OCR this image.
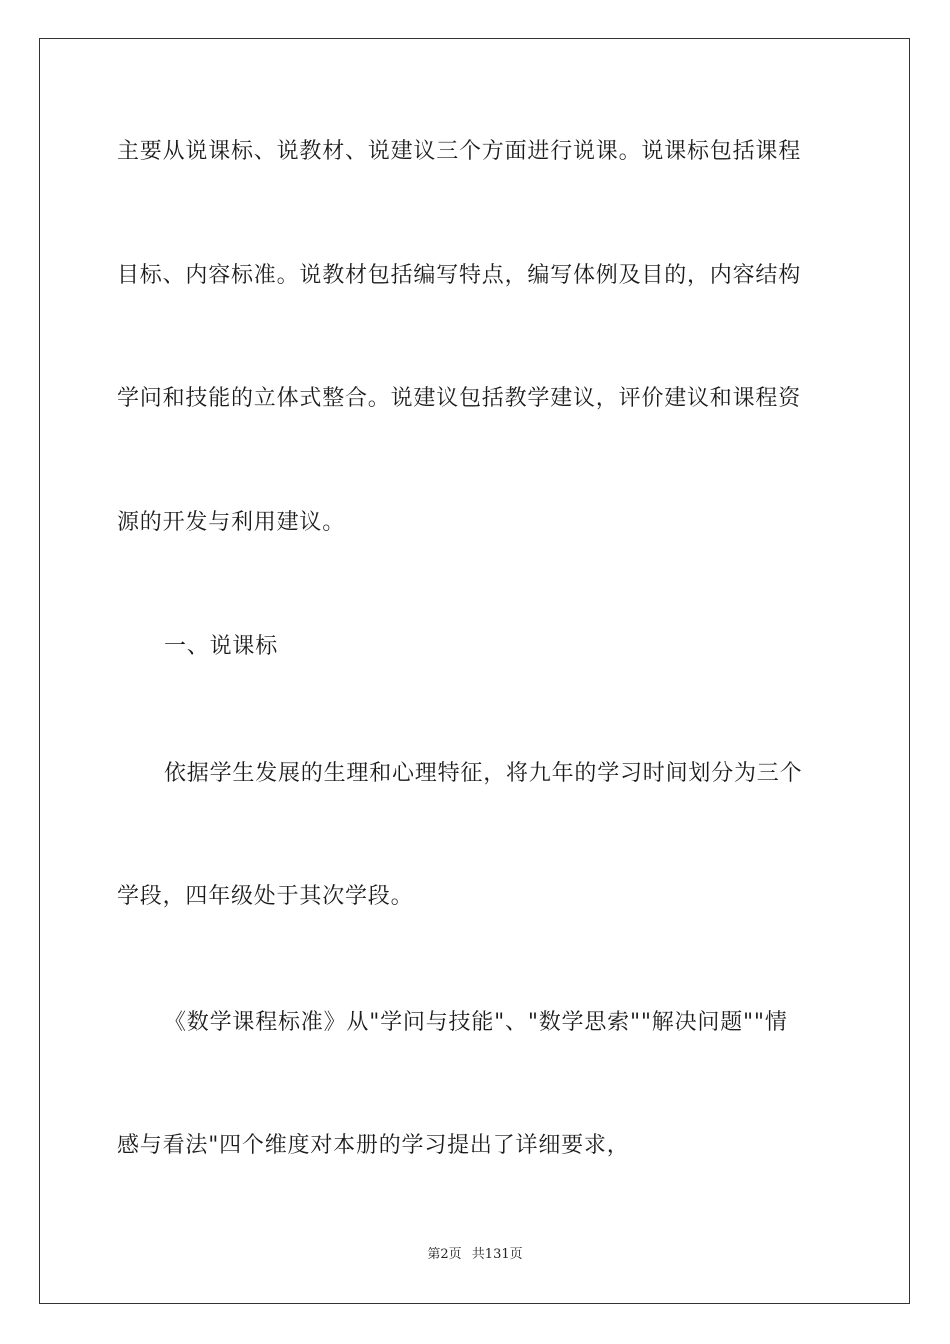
主要从说课标、说教材、说建议三个方面进行说课。说课标包括课程
目标、内容标准。说教材包括编写特点，编写体例及目的，内容结构
学问和技能的立体式整合。说建议包括教学建议，评价建议和课程资
源的开发与利用建议。
一、说课标
依据学生发展的生理和心理特征，将九年的学习时间划分为三个
学段，四年级处于其次学段。
《数学课程标准》从"学问与技能"、"数学思索""解决问题""情
感与看法"四个维度对本册的学习提出了详细要求，
第2页 共131页
